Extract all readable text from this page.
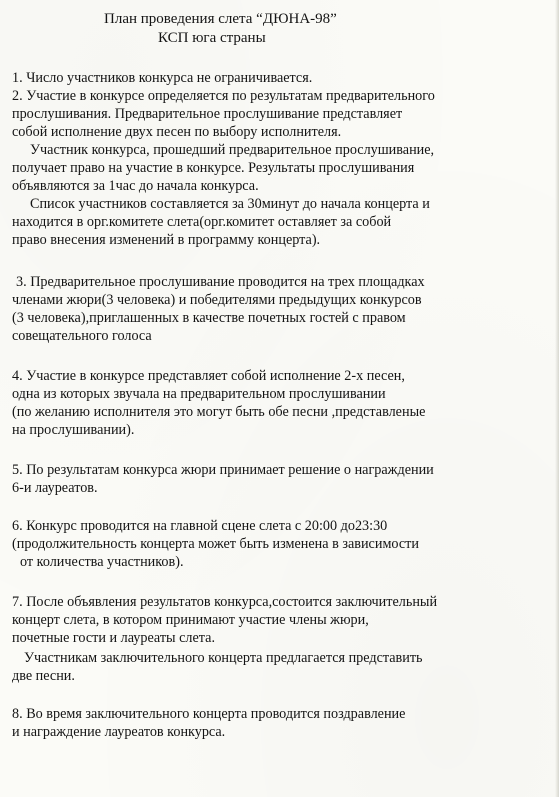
План проведения слета “ДЮНА-98”
КСП юга страны
1. Число участников конкурса не ограничивается.
2. Участие в конкурсе определяется по результатам предварительного
прослушивания. Предварительное прослушивание представляет
собой исполнение двух песен по выбору исполнителя.
Участник конкурса, прошедший предварительное прослушивание,
получает право на участие в конкурсе. Результаты прослушивания
объявляются за 1час до начала конкурса.
Список участников составляется за 30минут до начала концерта и
находится в орг.комитете слета(орг.комитет оставляет за собой
право внесения изменений в программу концерта).
3. Предварительное прослушивание проводится на трех площадках
членами жюри(3 человека) и победителями предыдущих конкурсов
(3 человека),приглашенных в качестве почетных гостей с правом
совещательного голоса
4. Участие в конкурсе представляет собой исполнение 2-х песен,
одна из которых звучала на предварительном прослушивании
(по желанию исполнителя это могут быть обе песни ,представленые
на прослушивании).
5. По результатам конкурса жюри принимает решение о награждении
6-и лауреатов.
6. Конкурс проводится на главной сцене слета с 20:00 до23:30
(продолжительность концерта может быть изменена в зависимости
от количества участников).
7. После объявления результатов конкурса,состоится заключительный
концерт слета, в котором принимают участие члены жюри,
почетные гости и лауреаты слета.
Участникам заключительного концерта предлагается представить
две песни.
8. Во время заключительного концерта проводится поздравление
и награждение лауреатов конкурса.
